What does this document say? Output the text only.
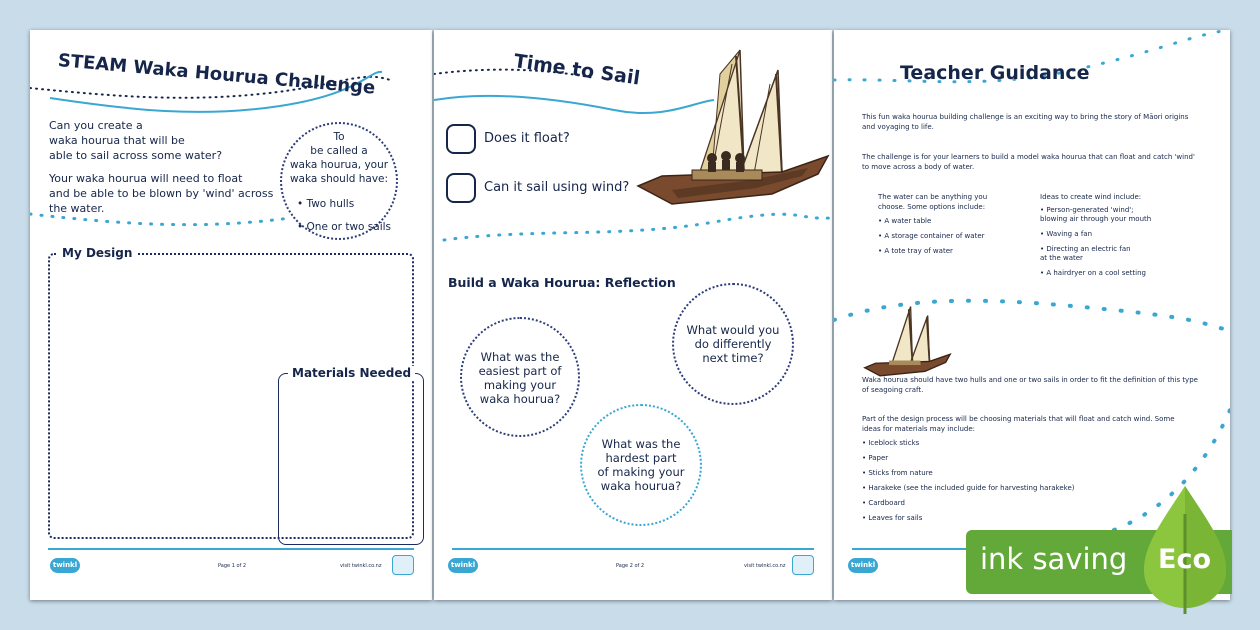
STEAM Waka Hourua Challenge
Can you create a
waka hourua that will be
able to sail across some water?
Your waka hourua will need to float
and be able to be blown by 'wind' across
the water.
To
be called a
waka hourua, your
waka should have:
• Two hulls
• One or two sails
My Design
Materials Needed
twinkl	Page 1 of 2	visit twinkl.co.nz
Time to Sail
Does it float?
Can it sail using wind?
Build a Waka Hourua: Reflection
What was the
easiest part of
making your
waka hourua?
What would you
do differently
next time?
What was the
hardest part
of making your
waka hourua?
twinkl	Page 2 of 2	visit twinkl.co.nz
Teacher Guidance
This fun waka hourua building challenge is an exciting way to bring the story of Māori origins
and voyaging to life.
The challenge is for your learners to build a model waka hourua that can float and catch 'wind'
to move across a body of water.
The water can be anything you
choose. Some options include:
• A water table
• A storage container of water
• A tote tray of water
Ideas to create wind include:
• Person-generated 'wind';
blowing air through your mouth
• Waving a fan
• Directing an electric fan
at the water
• A hairdryer on a cool setting
Waka hourua should have two hulls and one or two sails in order to fit the definition of this type
of seagoing craft.
Part of the design process will be choosing materials that will float and catch wind. Some
ideas for materials may include:
• Iceblock sticks
• Paper
• Sticks from nature
• Harakeke (see the included guide for harvesting harakeke)
• Cardboard
• Leaves for sails
twinkl	ink saving Eco
